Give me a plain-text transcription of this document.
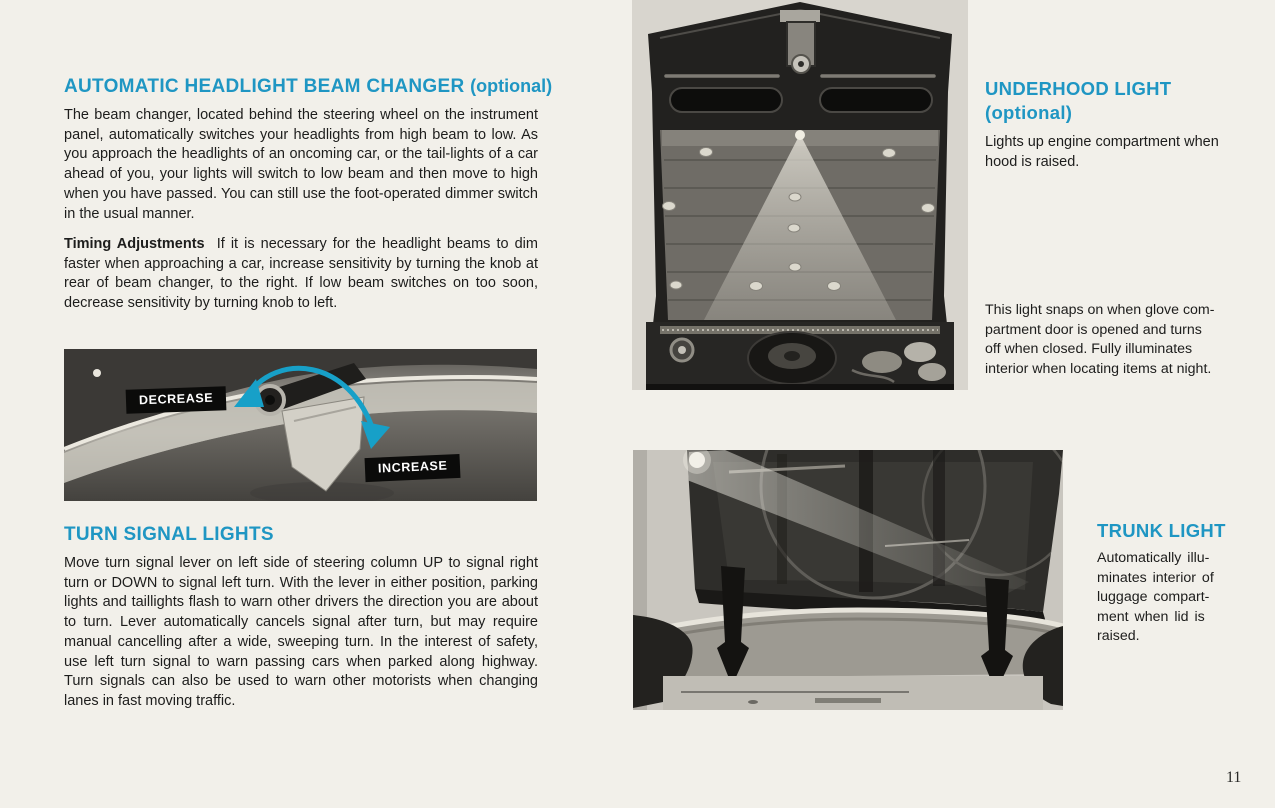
AUTOMATIC HEADLIGHT BEAM CHANGER (optional)

The beam changer, located behind the steering wheel on the instrument panel, automatically switches your headlights from high beam to low. As you approach the headlights of an oncoming car, or the tail-lights of a car ahead of you, your lights will switch to low beam and then move to high when you have passed. You can still use the foot-operated dimmer switch in the usual manner.

Timing Adjustments If it is necessary for the headlight beams to dim faster when approaching a car, increase sensitivity by turning the knob at rear of beam changer, to the right. If low beam switches on too soon, decrease sensitivity by turning knob to left.

DECREASE
INCREASE
TURN SIGNAL LIGHTS

Move turn signal lever on left side of steering column UP to signal right turn or DOWN to signal left turn. With the lever in either position, parking lights and taillights flash to warn other drivers the direction you are about to turn. Lever automatically cancels signal after turn, but may require manual cancelling after a wide, sweeping turn. In the interest of safety, use left turn signal to warn passing cars when parked along highway. Turn signals can also be used to warn other motorists when changing lanes in fast moving traffic.

UNDERHOOD LIGHT
(optional)

Lights up engine compartment when hood is raised.

This light snaps on when glove com-
partment door is opened and turns
off when closed. Fully illuminates
interior when locating items at night.

TRUNK LIGHT

Automatically illu-
minates interior of
luggage compart-
ment when lid is
raised.

11
